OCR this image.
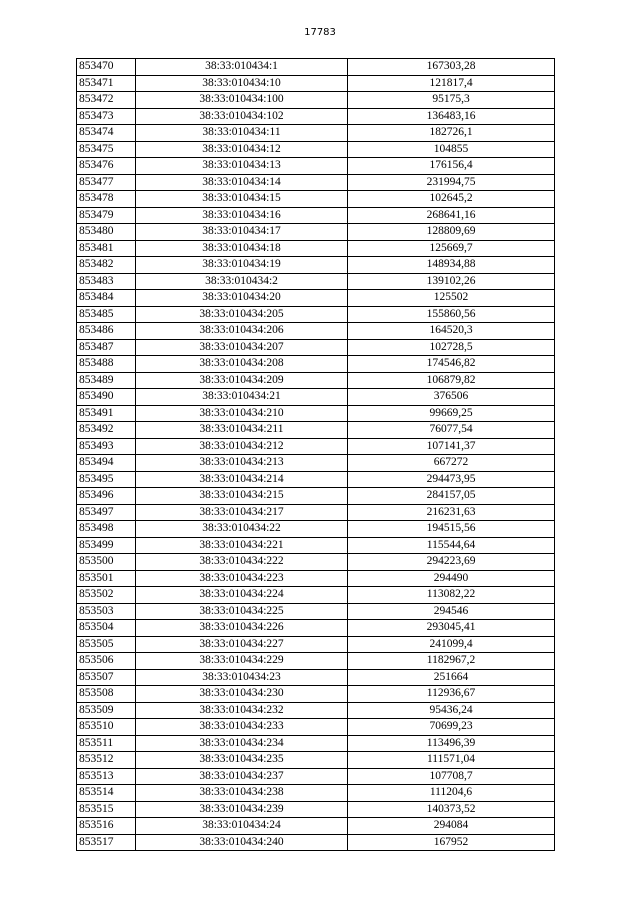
17783
853470	38:33:010434:1	167303,28
853471	38:33:010434:10	121817,4
853472	38:33:010434:100	95175,3
853473	38:33:010434:102	136483,16
853474	38:33:010434:11	182726,1
853475	38:33:010434:12	104855
853476	38:33:010434:13	176156,4
853477	38:33:010434:14	231994,75
853478	38:33:010434:15	102645,2
853479	38:33:010434:16	268641,16
853480	38:33:010434:17	128809,69
853481	38:33:010434:18	125669,7
853482	38:33:010434:19	148934,88
853483	38:33:010434:2	139102,26
853484	38:33:010434:20	125502
853485	38:33:010434:205	155860,56
853486	38:33:010434:206	164520,3
853487	38:33:010434:207	102728,5
853488	38:33:010434:208	174546,82
853489	38:33:010434:209	106879,82
853490	38:33:010434:21	376506
853491	38:33:010434:210	99669,25
853492	38:33:010434:211	76077,54
853493	38:33:010434:212	107141,37
853494	38:33:010434:213	667272
853495	38:33:010434:214	294473,95
853496	38:33:010434:215	284157,05
853497	38:33:010434:217	216231,63
853498	38:33:010434:22	194515,56
853499	38:33:010434:221	115544,64
853500	38:33:010434:222	294223,69
853501	38:33:010434:223	294490
853502	38:33:010434:224	113082,22
853503	38:33:010434:225	294546
853504	38:33:010434:226	293045,41
853505	38:33:010434:227	241099,4
853506	38:33:010434:229	1182967,2
853507	38:33:010434:23	251664
853508	38:33:010434:230	112936,67
853509	38:33:010434:232	95436,24
853510	38:33:010434:233	70699,23
853511	38:33:010434:234	113496,39
853512	38:33:010434:235	111571,04
853513	38:33:010434:237	107708,7
853514	38:33:010434:238	111204,6
853515	38:33:010434:239	140373,52
853516	38:33:010434:24	294084
853517	38:33:010434:240	167952
